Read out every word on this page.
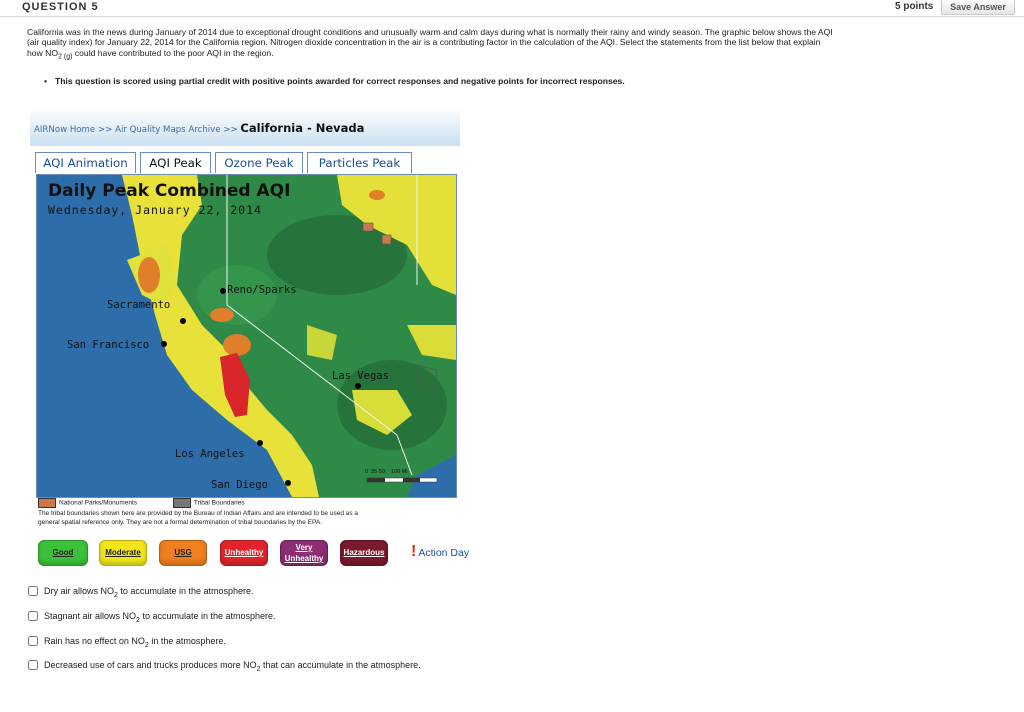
QUESTION 5	5 points	Save Answer
California was in the news during January of 2014 due to exceptional drought conditions and unusually warm and calm days during what is normally their rainy and windy season. The graphic below shows the AQI
(air quality index) for January 22, 2014 for the California region. Nitrogen dioxide concentration in the air is a contributing factor in the calculation of the AQI. Select the statements from the list below that explain
how $NO_{2 (g)}$ could have contributed to the poor AQI in the region.
• This question is scored using partial credit with positive points awarded for correct responses and negative points for incorrect responses.
AIRNow Home >> Air Quality Maps Archive >> California - Nevada
AQI Animation	AQI Peak	Ozone Peak	Particles Peak
Daily Peak Combined AQI
Wednesday, January 22, 2014
Reno/Sparks
Sacramento
San Francisco
Las Vegas
Los Angeles
San Diego
0  25 50    100 Mi
National Parks/Monuments	Tribal Boundaries
The tribal boundaries shown here are provided by the Bureau of Indian Affairs and are intended to be used as a
general spatial reference only. They are not a formal determination of tribal boundaries by the EPA.
Good	Moderate	USG	Unhealthy
Very Unhealthy
Hazardous ! Action Day
Dry air allows $NO_2$ to accumulate in the atmosphere.
Stagnant air allows $NO_2$ to accumulate in the atmosphere.
Rain has no effect on $NO_2$ in the atmosphere.
Decreased use of cars and trucks produces more $NO_2$ that can accumulate in the atmosphere.
